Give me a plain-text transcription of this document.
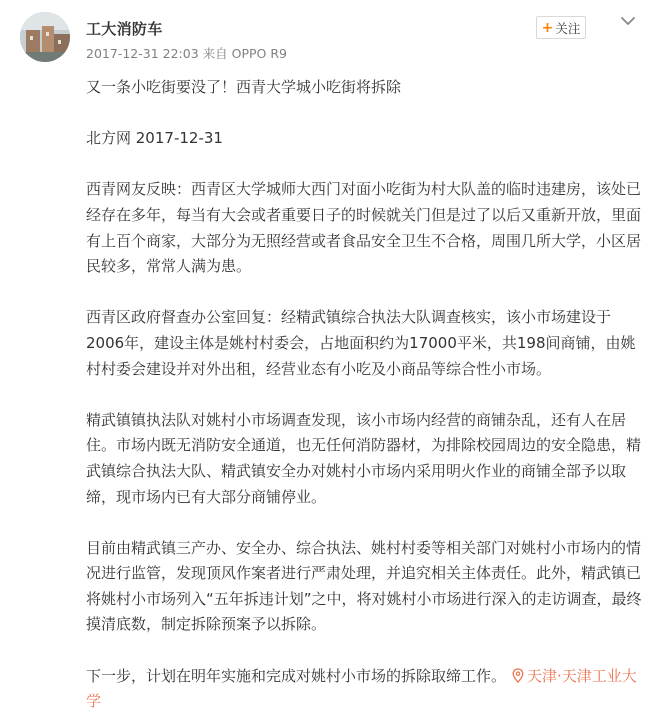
工大消防车
2017-12-31 22:03 来自 OPPO R9
+ 关注

又一条小吃街要没了！西青大学城小吃街将拆除

北方网 2017-12-31

西青网友反映：西青区大学城师大西门对面小吃街为村大队盖的临时违建房，该处已经存在多年，每当有大会或者重要日子的时候就关门但是过了以后又重新开放，里面有上百个商家，大部分为无照经营或者食品安全卫生不合格，周围几所大学，小区居民较多，常常人满为患。

西青区政府督查办公室回复：经精武镇综合执法大队调查核实，该小市场建设于2006年，建设主体是姚村村委会，占地面积约为17000平米，共198间商铺，由姚村村委会建设并对外出租，经营业态有小吃及小商品等综合性小市场。

精武镇镇执法队对姚村小市场调查发现，该小市场内经营的商铺杂乱，还有人在居住。市场内既无消防安全通道，也无任何消防器材，为排除校园周边的安全隐患，精武镇综合执法大队、精武镇安全办对姚村小市场内采用明火作业的商铺全部予以取缔，现市场内已有大部分商铺停业。

目前由精武镇三产办、安全办、综合执法、姚村村委等相关部门对姚村小市场内的情况进行监管，发现顶风作案者进行严肃处理，并追究相关主体责任。此外，精武镇已将姚村小市场列入“五年拆违计划”之中，将对姚村小市场进行深入的走访调查，最终摸清底数，制定拆除预案予以拆除。

下一步，计划在明年实施和完成对姚村小市场的拆除取缔工作。 天津·天津工业大学
